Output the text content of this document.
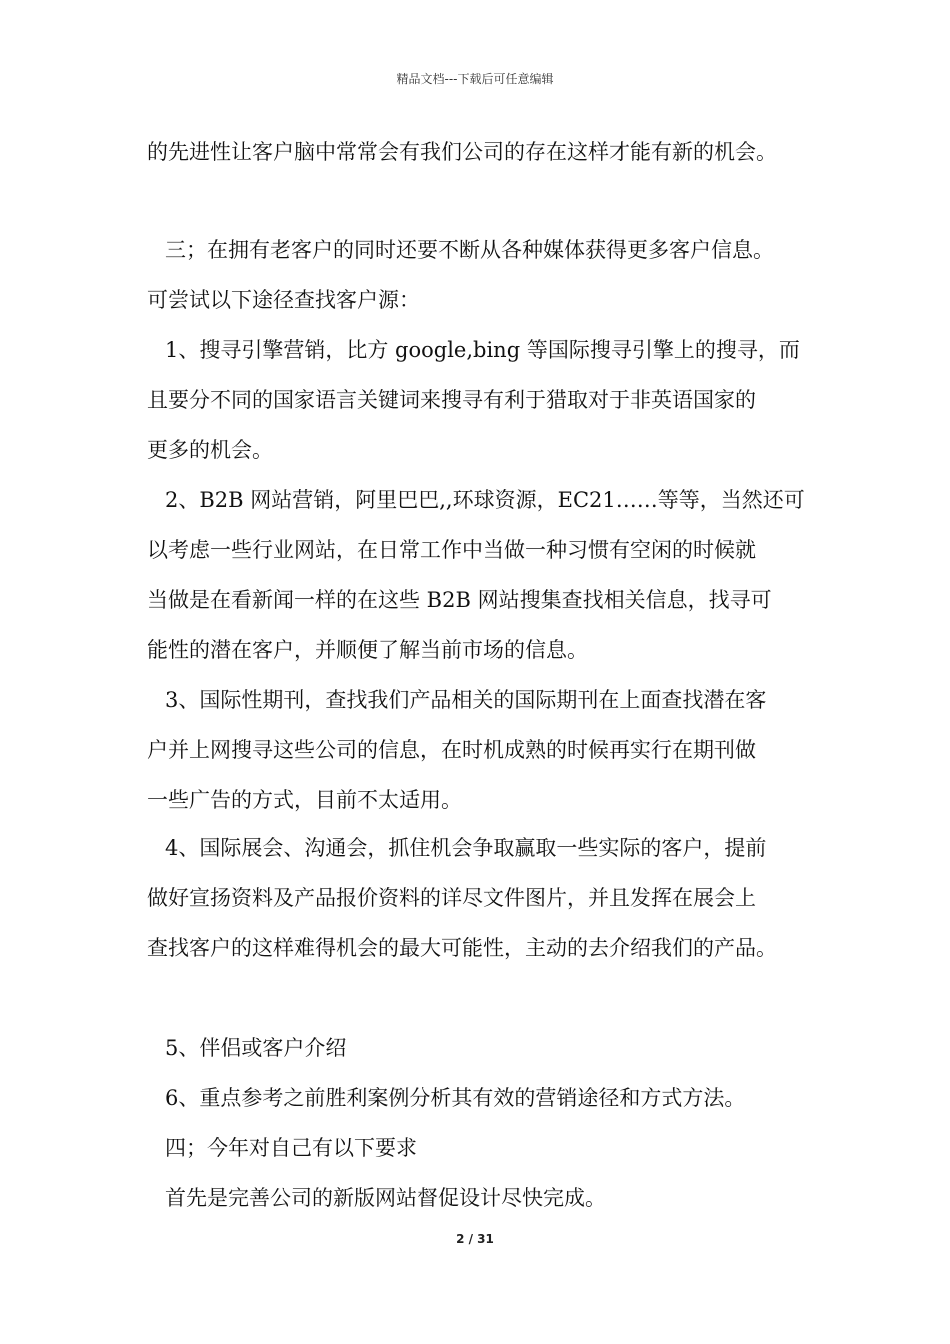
精品文档---下载后可任意编辑
的先进性让客户脑中常常会有我们公司的存在这样才能有新的机会。
三；在拥有老客户的同时还要不断从各种媒体获得更多客户信息。
可尝试以下途径查找客户源：
1、搜寻引擎营销，比方 google,bing 等国际搜寻引擎上的搜寻，而
且要分不同的国家语言关键词来搜寻有利于猎取对于非英语国家的
更多的机会。
2、B2B 网站营销，阿里巴巴,,环球资源，EC21……等等，当然还可
以考虑一些行业网站，在日常工作中当做一种习惯有空闲的时候就
当做是在看新闻一样的在这些 B2B 网站搜集查找相关信息，找寻可
能性的潜在客户，并顺便了解当前市场的信息。
3、国际性期刊，查找我们产品相关的国际期刊在上面查找潜在客
户并上网搜寻这些公司的信息，在时机成熟的时候再实行在期刊做
一些广告的方式，目前不太适用。
4、国际展会、沟通会，抓住机会争取赢取一些实际的客户，提前
做好宣扬资料及产品报价资料的详尽文件图片，并且发挥在展会上
查找客户的这样难得机会的最大可能性，主动的去介绍我们的产品。
5、伴侣或客户介绍
6、重点参考之前胜利案例分析其有效的营销途径和方式方法。
四；今年对自己有以下要求
首先是完善公司的新版网站督促设计尽快完成。
2 / 31
